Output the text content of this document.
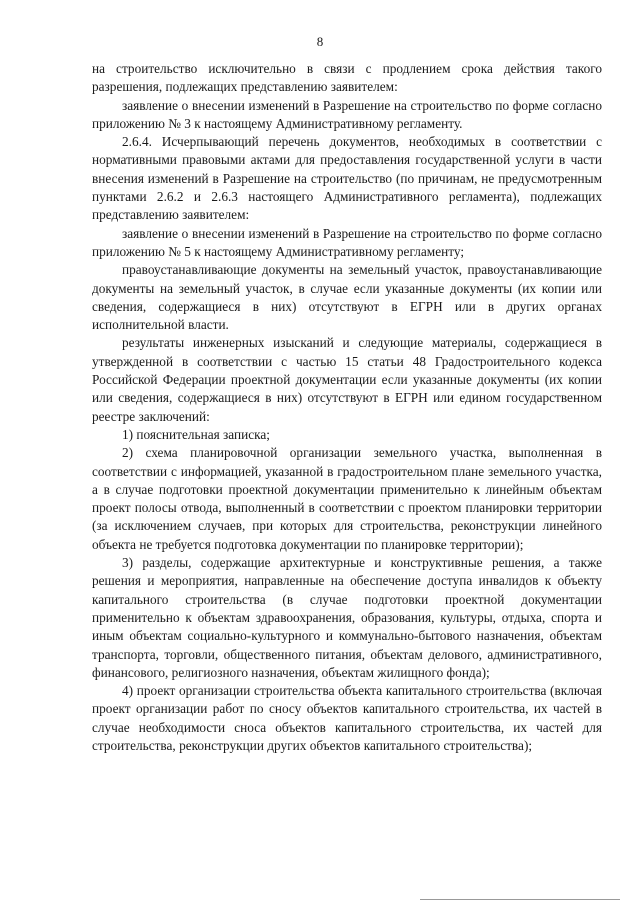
8

на строительство исключительно в связи с продлением срока действия такого разрешения, подлежащих представлению заявителем:

заявление о внесении изменений в Разрешение на строительство по форме согласно приложению № 3 к настоящему Административному регламенту.

2.6.4. Исчерпывающий перечень документов, необходимых в соответствии с нормативными правовыми актами для предоставления государственной услуги в части внесения изменений в Разрешение на строительство (по причинам, не предусмотренным пунктами 2.6.2 и 2.6.3 настоящего Административного регламента), подлежащих представлению заявителем:

заявление о внесении изменений в Разрешение на строительство по форме согласно приложению № 5 к настоящему Административному регламенту;

правоустанавливающие документы на земельный участок, правоустанавливающие документы на земельный участок, в случае если указанные документы (их копии или сведения, содержащиеся в них) отсутствуют в ЕГРН или в других органах исполнительной власти.

результаты инженерных изысканий и следующие материалы, содержащиеся в утвержденной в соответствии с частью 15 статьи 48 Градостроительного кодекса Российской Федерации проектной документации если указанные документы (их копии или сведения, содержащиеся в них) отсутствуют в ЕГРН или едином государственном реестре заключений:

1) пояснительная записка;

2) схема планировочной организации земельного участка, выполненная в соответствии с информацией, указанной в градостроительном плане земельного участка, а в случае подготовки проектной документации применительно к линейным объектам проект полосы отвода, выполненный в соответствии с проектом планировки территории (за исключением случаев, при которых для строительства, реконструкции линейного объекта не требуется подготовка документации по планировке территории);

3) разделы, содержащие архитектурные и конструктивные решения, а также решения и мероприятия, направленные на обеспечение доступа инвалидов к объекту капитального строительства (в случае подготовки проектной документации применительно к объектам здравоохранения, образования, культуры, отдыха, спорта и иным объектам социально-культурного и коммунально-бытового назначения, объектам транспорта, торговли, общественного питания, объектам делового, административного, финансового, религиозного назначения, объектам жилищного фонда);

4) проект организации строительства объекта капитального строительства (включая проект организации работ по сносу объектов капитального строительства, их частей в случае необходимости сноса объектов капитального строительства, их частей для строительства, реконструкции других объектов капитального строительства);
